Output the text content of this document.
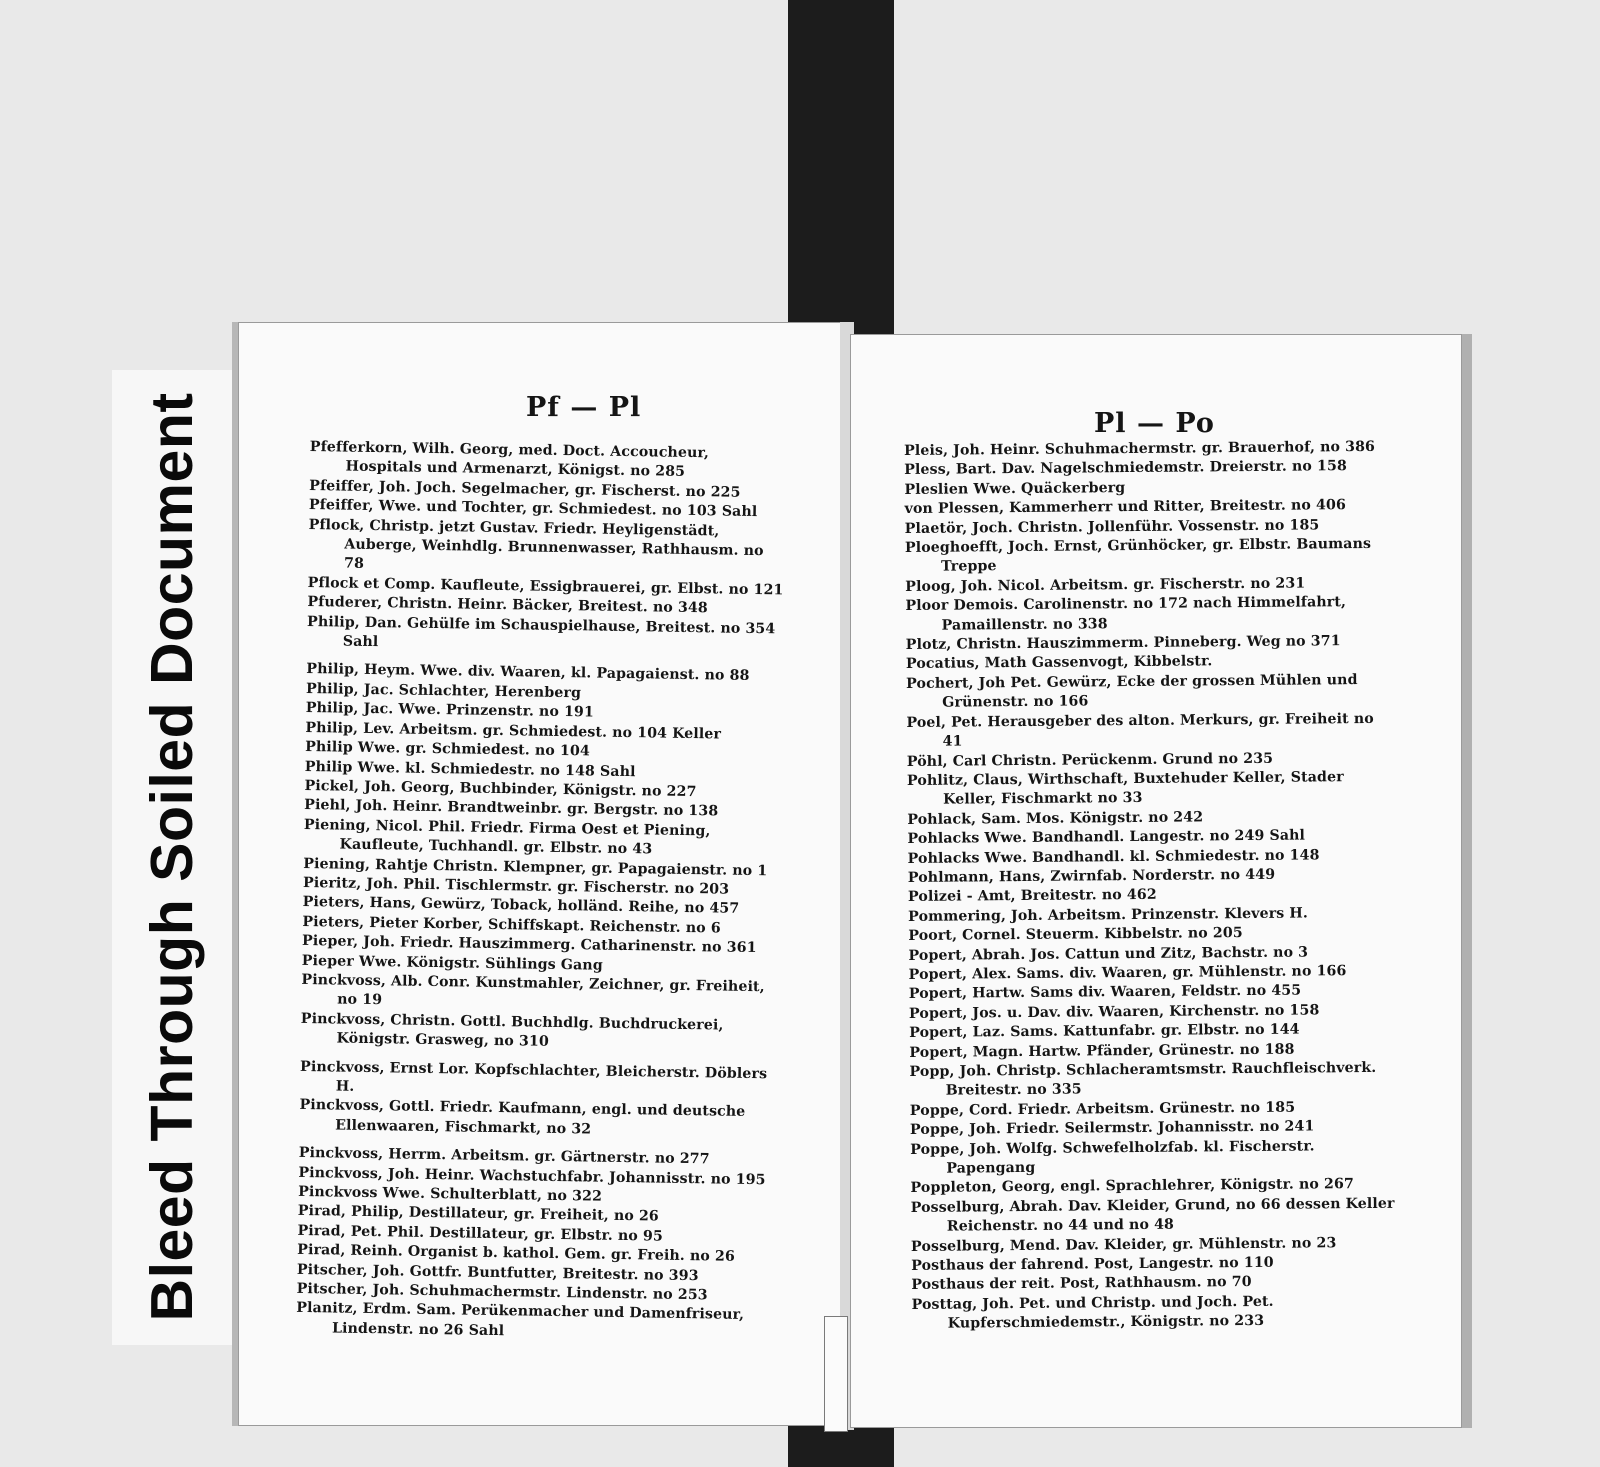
Bleed Through Soiled Document	Pf — Pl
Pfefferkorn, Wilh. Georg, med. Doct. Accoucheur, Hospitals und Armenarzt, Königst. no 285
Pfeiffer, Joh. Joch. Segelmacher, gr. Fischerst. no 225
Pfeiffer, Wwe. und Tochter, gr. Schmiedest. no 103 Sahl
Pflock, Christp. jetzt Gustav. Friedr. Heyligenstädt, Auberge, Weinhdlg. Brunnenwasser, Rathhausm. no 78
Pflock et Comp. Kaufleute, Essigbrauerei, gr. Elbst. no 121
Pfuderer, Christn. Heinr. Bäcker, Breitest. no 348
Philip, Dan. Gehülfe im Schauspielhause, Breitest. no 354 Sahl
Philip, Heym. Wwe. div. Waaren, kl. Papagaienst. no 88
Philip, Jac. Schlachter, Herenberg
Philip, Jac. Wwe. Prinzenstr. no 191
Philip, Lev. Arbeitsm. gr. Schmiedest. no 104 Keller
Philip Wwe. gr. Schmiedest. no 104
Philip Wwe. kl. Schmiedestr. no 148 Sahl
Pickel, Joh. Georg, Buchbinder, Königstr. no 227
Piehl, Joh. Heinr. Brandtweinbr. gr. Bergstr. no 138
Piening, Nicol. Phil. Friedr. Firma Oest et Piening, Kaufleute, Tuchhandl. gr. Elbstr. no 43
Piening, Rahtje Christn. Klempner, gr. Papagaienstr. no 1
Pieritz, Joh. Phil. Tischlermstr. gr. Fischerstr. no 203
Pieters, Hans, Gewürz, Toback, holländ. Reihe, no 457
Pieters, Pieter Korber, Schiffskapt. Reichenstr. no 6
Pieper, Joh. Friedr. Hauszimmerg. Catharinenstr. no 361
Pieper Wwe. Königstr. Sühlings Gang
Pinckvoss, Alb. Conr. Kunstmahler, Zeichner, gr. Freiheit, no 19
Pinckvoss, Christn. Gottl. Buchhdlg. Buchdruckerei, Königstr. Grasweg, no 310
Pinckvoss, Ernst Lor. Kopfschlachter, Bleicherstr. Döblers H.
Pinckvoss, Gottl. Friedr. Kaufmann, engl. und deutsche Ellenwaaren, Fischmarkt, no 32
Pinckvoss, Herrm. Arbeitsm. gr. Gärtnerstr. no 277
Pinckvoss, Joh. Heinr. Wachstuchfabr. Johannisstr. no 195
Pinckvoss Wwe. Schulterblatt, no 322
Pirad, Philip, Destillateur, gr. Freiheit, no 26
Pirad, Pet. Phil. Destillateur, gr. Elbstr. no 95
Pirad, Reinh. Organist b. kathol. Gem. gr. Freih. no 26
Pitscher, Joh. Gottfr. Buntfutter, Breitestr. no 393
Pitscher, Joh. Schuhmachermstr. Lindenstr. no 253
Planitz, Erdm. Sam. Perükenmacher und Damenfriseur, Lindenstr. no 26 Sahl
Pl — Po
Pleis, Joh. Heinr. Schuhmachermstr. gr. Brauerhof, no 386
Pless, Bart. Dav. Nagelschmiedemstr. Dreierstr. no 158
Pleslien Wwe. Quäckerberg
von Plessen, Kammerherr und Ritter, Breitestr. no 406
Plaetör, Joch. Christn. Jollenführ. Vossenstr. no 185
Ploeghoefft, Joch. Ernst, Grünhöcker, gr. Elbstr. Baumans Treppe
Ploog, Joh. Nicol. Arbeitsm. gr. Fischerstr. no 231
Ploor Demois. Carolinenstr. no 172 nach Himmelfahrt, Pamaillenstr. no 338
Plotz, Christn. Hauszimmerm. Pinneberg. Weg no 371
Pocatius, Math Gassenvogt, Kibbelstr.
Pochert, Joh Pet. Gewürz, Ecke der grossen Mühlen und Grünenstr. no 166
Poel, Pet. Herausgeber des alton. Merkurs, gr. Freiheit no 41
Pöhl, Carl Christn. Perückenm. Grund no 235
Pohlitz, Claus, Wirthschaft, Buxtehuder Keller, Stader Keller, Fischmarkt no 33
Pohlack, Sam. Mos. Königstr. no 242
Pohlacks Wwe. Bandhandl. Langestr. no 249 Sahl
Pohlacks Wwe. Bandhandl. kl. Schmiedestr. no 148
Pohlmann, Hans, Zwirnfab. Norderstr. no 449
Polizei - Amt, Breitestr. no 462
Pommering, Joh. Arbeitsm. Prinzenstr. Klevers H.
Poort, Cornel. Steuerm. Kibbelstr. no 205
Popert, Abrah. Jos. Cattun und Zitz, Bachstr. no 3
Popert, Alex. Sams. div. Waaren, gr. Mühlenstr. no 166
Popert, Hartw. Sams div. Waaren, Feldstr. no 455
Popert, Jos. u. Dav. div. Waaren, Kirchenstr. no 158
Popert, Laz. Sams. Kattunfabr. gr. Elbstr. no 144
Popert, Magn. Hartw. Pfänder, Grünestr. no 188
Popp, Joh. Christp. Schlacheramtsmstr. Rauchfleischverk. Breitestr. no 335
Poppe, Cord. Friedr. Arbeitsm. Grünestr. no 185
Poppe, Joh. Friedr. Seilermstr. Johannisstr. no 241
Poppe, Joh. Wolfg. Schwefelholzfab. kl. Fischerstr. Papengang
Poppleton, Georg, engl. Sprachlehrer, Königstr. no 267
Posselburg, Abrah. Dav. Kleider, Grund, no 66 dessen Keller Reichenstr. no 44 und no 48
Posselburg, Mend. Dav. Kleider, gr. Mühlenstr. no 23
Posthaus der fahrend. Post, Langestr. no 110
Posthaus der reit. Post, Rathhausm. no 70
Posttag, Joh. Pet. und Christp. und Joch. Pet. Kupferschmiedemstr., Königstr. no 233
